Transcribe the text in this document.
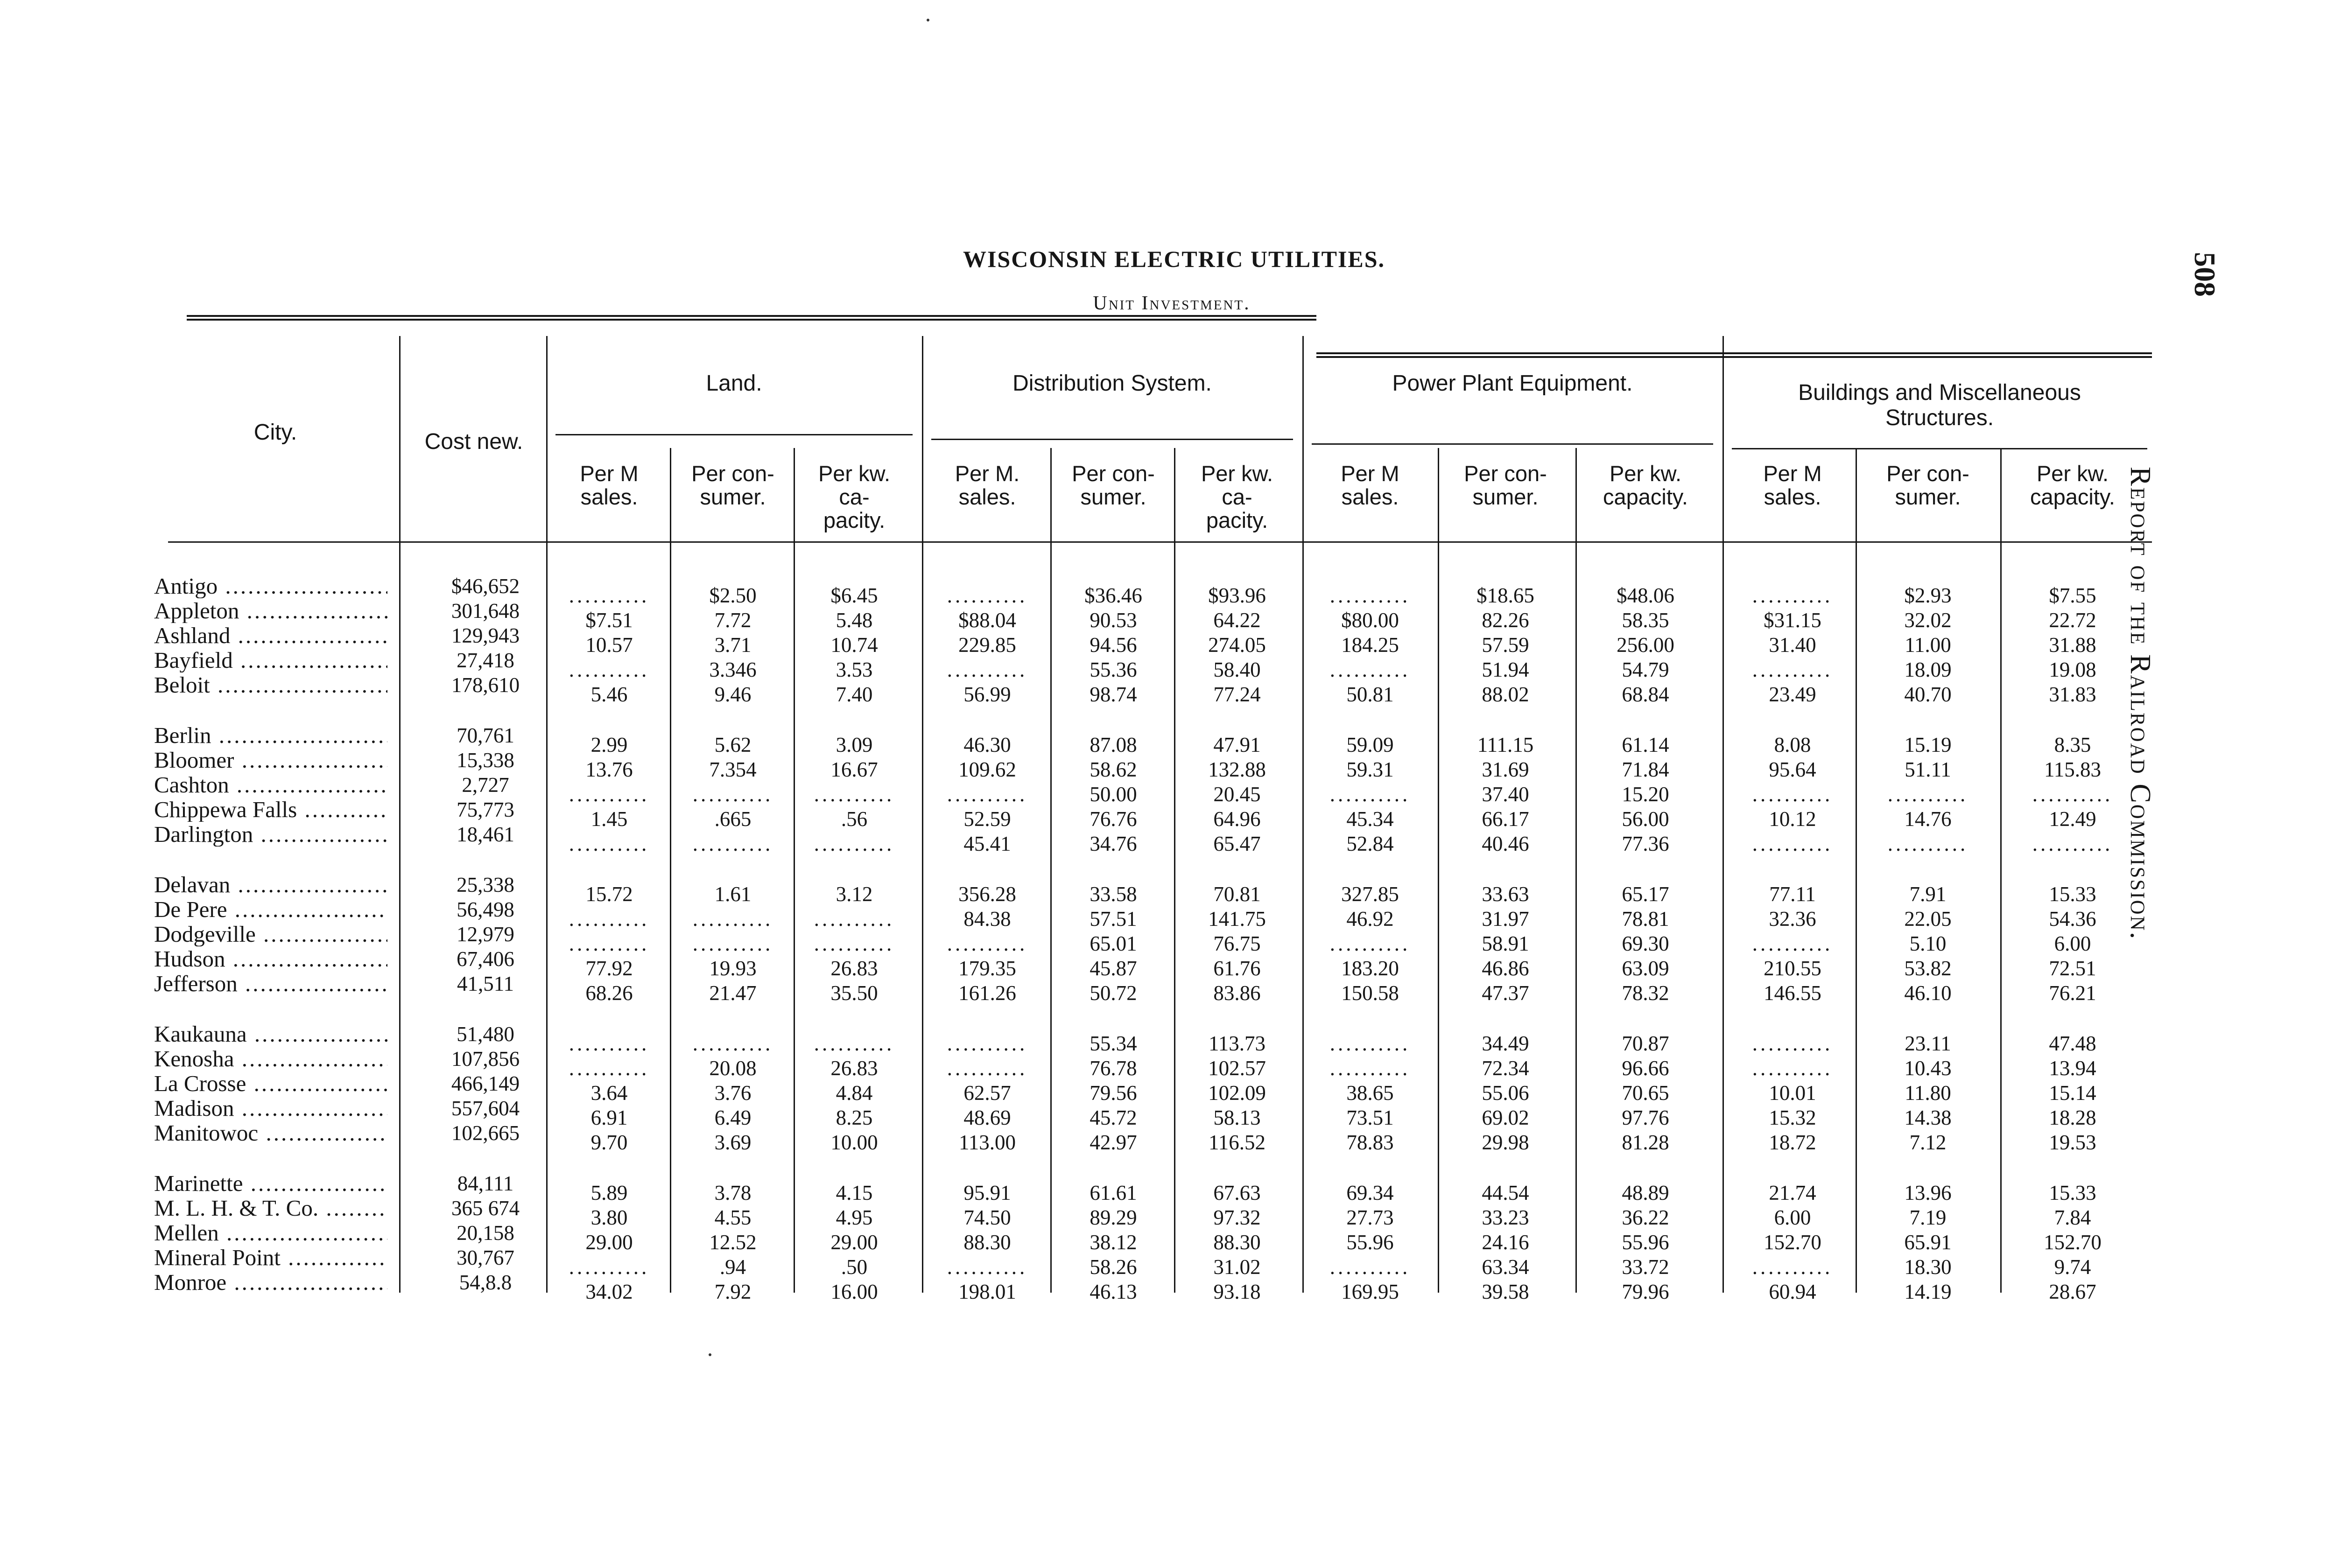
WISCONSIN ELECTRIC UTILITIES.
Unit Investment.
508
Report of the Railroad Commission.
City.	Cost new.
Land.
Per M
sales.
Per con-
sumer.
Per kw.
ca-
pacity.
Distribution System.
Per M.
sales.
Per con-
sumer.
Per kw.
ca-
pacity.
Power Plant Equipment.
Per M
sales.
Per con-
sumer.
Per kw.
capacity.
Buildings and Miscellaneous
Structures.
Per M
sales.
Per con-
sumer.
Per kw.
capacity.
Antigo .....	$46,652	..........	$2.50	$6.45	..........	$36.46	$93.96	..........	$18.65	$48.06	..........	$2.93	$7.55
Appleton .....	301,648	$7.51	7.72	5.48	$88.04	90.53	64.22	$80.00	82.26	58.35	$31.15	32.02	22.72
Ashland .....	129,943	10.57	3.71	10.74	229.85	94.56	274.05	184.25	57.59	256.00	31.40	11.00	31.88
Bayfield .....	27,418	..........	3.346	3.53	..........	55.36	58.40	..........	51.94	54.79	..........	18.09	19.08
Beloit .....	178,610	5.46	9.46	7.40	56.99	98.74	77.24	50.81	88.02	68.84	23.49	40.70	31.83
Berlin .....	70,761	2.99	5.62	3.09	46.30	87.08	47.91	59.09	111.15	61.14	8.08	15.19	8.35
Bloomer .....	15,338	13.76	7.354	16.67	109.62	58.62	132.88	59.31	31.69	71.84	95.64	51.11	115.83
Cashton .....	2,727	..........	..........	..........	..........	50.00	20.45	..........	37.40	15.20	..........	..........	..........
Chippewa Falls .....	75,773	1.45	.665	.56	52.59	76.76	64.96	45.34	66.17	56.00	10.12	14.76	12.49
Darlington .....	18,461	..........	..........	..........	45.41	34.76	65.47	52.84	40.46	77.36	..........	..........	..........
Delavan .....	25,338	15.72	1.61	3.12	356.28	33.58	70.81	327.85	33.63	65.17	77.11	7.91	15.33
De Pere .....	56,498	..........	..........	..........	84.38	57.51	141.75	46.92	31.97	78.81	32.36	22.05	54.36
Dodgeville .....	12,979	..........	..........	..........	..........	65.01	76.75	..........	58.91	69.30	..........	5.10	6.00
Hudson .....	67,406	77.92	19.93	26.83	179.35	45.87	61.76	183.20	46.86	63.09	210.55	53.82	72.51
Jefferson .....	41,511	68.26	21.47	35.50	161.26	50.72	83.86	150.58	47.37	78.32	146.55	46.10	76.21
Kaukauna .....	51,480	..........	..........	..........	..........	55.34	113.73	..........	34.49	70.87	..........	23.11	47.48
Kenosha .....	107,856	..........	20.08	26.83	..........	76.78	102.57	..........	72.34	96.66	..........	10.43	13.94
La Crosse .....	466,149	3.64	3.76	4.84	62.57	79.56	102.09	38.65	55.06	70.65	10.01	11.80	15.14
Madison .....	557,604	6.91	6.49	8.25	48.69	45.72	58.13	73.51	69.02	97.76	15.32	14.38	18.28
Manitowoc .....	102,665	9.70	3.69	10.00	113.00	42.97	116.52	78.83	29.98	81.28	18.72	7.12	19.53
Marinette .....	84,111	5.89	3.78	4.15	95.91	61.61	67.63	69.34	44.54	48.89	21.74	13.96	15.33
M. L. H. & T. Co. .....	365 674	3.80	4.55	4.95	74.50	89.29	97.32	27.73	33.23	36.22	6.00	7.19	7.84
Mellen .....	20,158	29.00	12.52	29.00	88.30	38.12	88.30	55.96	24.16	55.96	152.70	65.91	152.70
Mineral Point .....	30,767	..........	.94	.50	..........	58.26	31.02	..........	63.34	33.72	..........	18.30	9.74
Monroe .....	54,8.8	34.02	7.92	16.00	198.01	46.13	93.18	169.95	39.58	79.96	60.94	14.19	28.67
